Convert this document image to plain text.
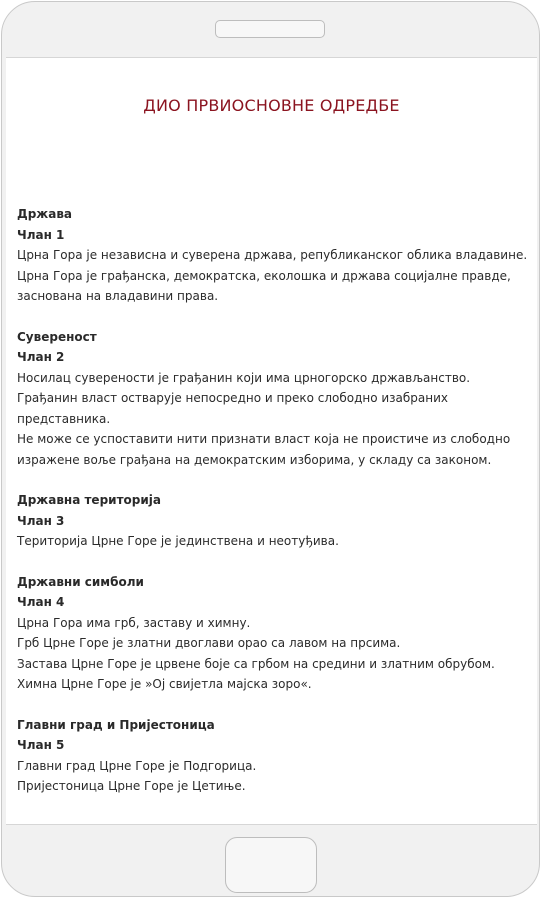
ДИО ПРВИОСНОВНЕ ОДРЕДБЕ
Држава
Члан 1
Црна Гора је независна и суверена држава, републиканског облика владавине.
Црна Гора је грађанска, демократска, еколошка и држава социјалне правде, заснована на владавини права.
Сувереност
Члан 2
Носилац суверености је грађанин који има црногорско држављанство.
Грађанин власт остварује непосредно и преко слободно изабраних представника.
Не може се успоставити нити признати власт која не проистиче из слободно изражене воље грађана на демократским изборима, у складу са законом.
Државна територија
Члан 3
Територија Црне Горе је јединствена и неотуђива.
Државни симболи
Члан 4
Црна Гора има грб, заставу и химну.
Грб Црне Горе је златни двоглави орао са лавом на прсима.
Застава Црне Горе је црвене боје са грбом на средини и златним обрубом.
Химна Црне Горе је »Ој свијетла мајска зоро«.
Главни град и Пријестоница
Члан 5
Главни град Црне Горе је Подгорица.
Пријестоница Црне Горе је Цетиње.
